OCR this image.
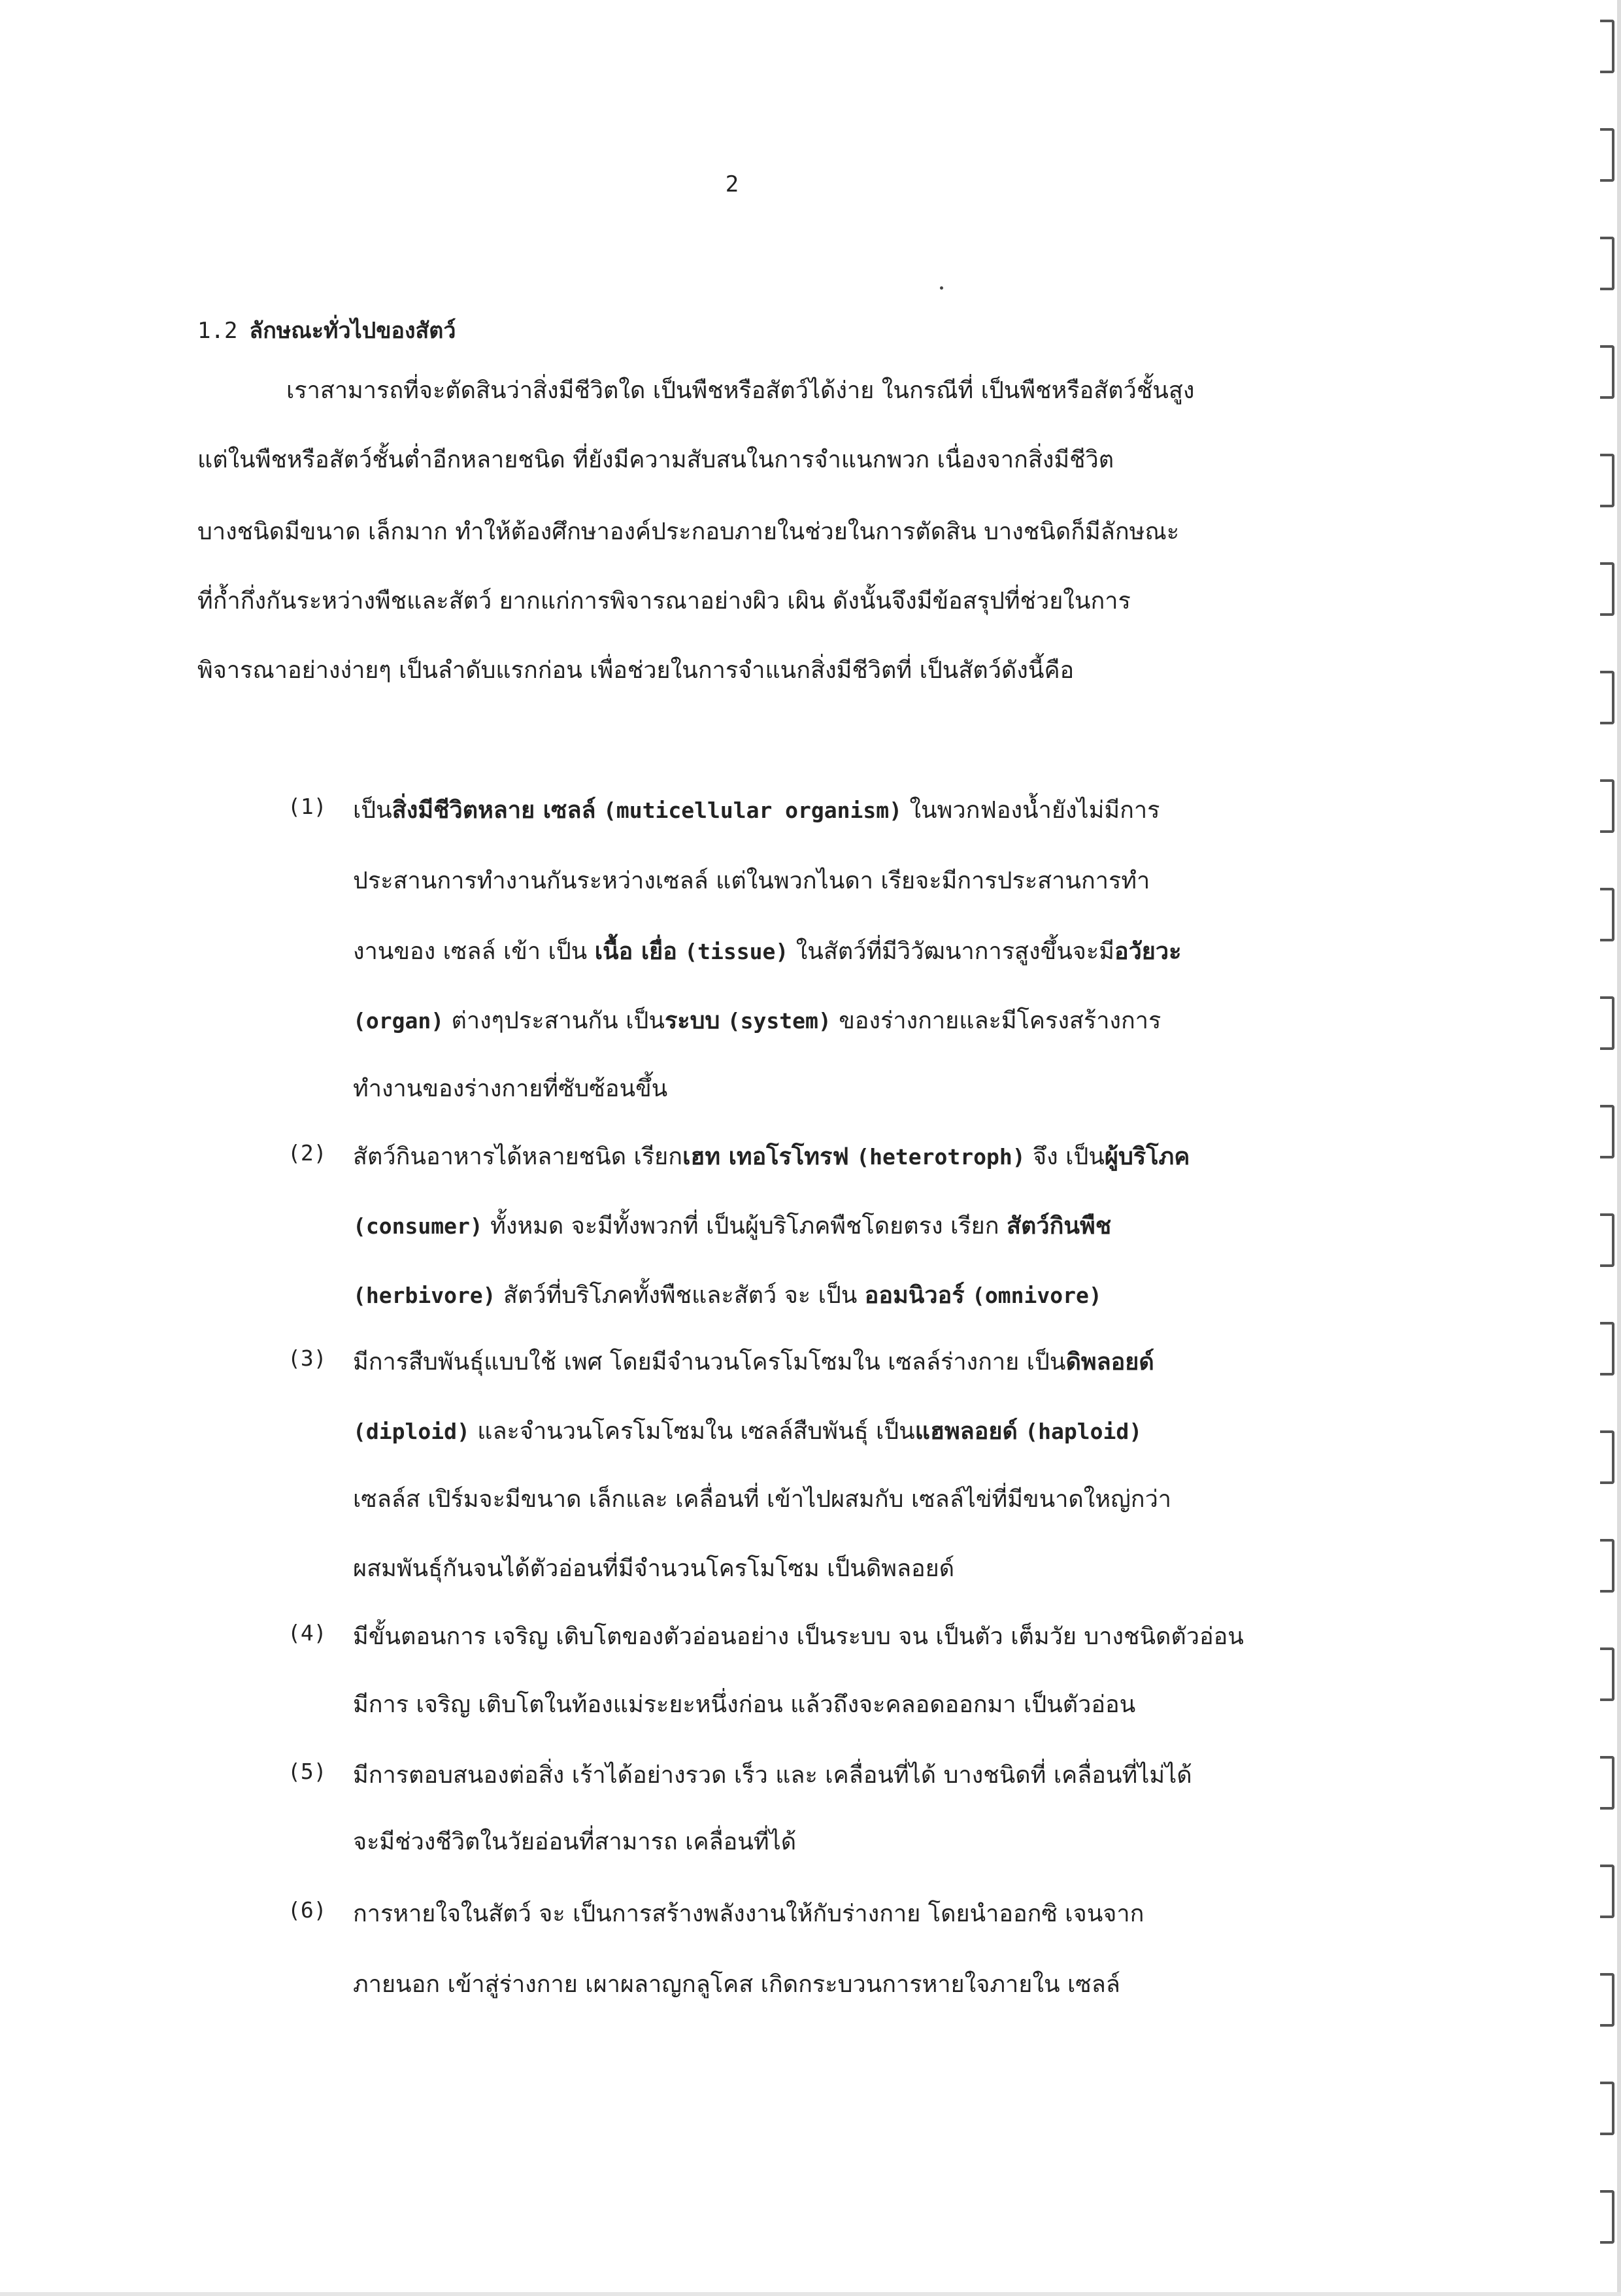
2
1.2 ลักษณะทั่วไปของสัตว์
เราสามารถที่จะตัดสินว่าสิ่งมีชีวิตใด เป็นพืชหรือสัตว์ได้ง่าย ในกรณีที่ เป็นพืชหรือสัตว์ชั้นสูง
แต่ในพืชหรือสัตว์ชั้นต่ำอีกหลายชนิด ที่ยังมีความสับสนในการจำแนกพวก เนื่องจากสิ่งมีชีวิต
บางชนิดมีขนาด เล็กมาก ทำให้ต้องศึกษาองค์ประกอบภายในช่วยในการตัดสิน บางชนิดก็มีลักษณะ
ที่ก้ำกึ่งกันระหว่างพืชและสัตว์ ยากแก่การพิจารณาอย่างผิว เผิน ดังนั้นจึงมีข้อสรุปที่ช่วยในการ
พิจารณาอย่างง่ายๆ เป็นลำดับแรกก่อน เพื่อช่วยในการจำแนกสิ่งมีชีวิตที่ เป็นสัตว์ดังนี้คือ
(1) เป็นสิ่งมีชีวิตหลาย เซลล์ (muticellular organism) ในพวกฟองน้ำยังไม่มีการ
ประสานการทำงานกันระหว่างเซลล์ แต่ในพวกไนดา เรียจะมีการประสานการทำ
งานของ เซลล์ เข้า เป็น เนื้อ เยื่อ (tissue) ในสัตว์ที่มีวิวัฒนาการสูงขึ้นจะมีอวัยวะ
(organ) ต่างๆประสานกัน เป็นระบบ (system) ของร่างกายและมีโครงสร้างการ
ทำงานของร่างกายที่ซับซ้อนขึ้น
(2) สัตว์กินอาหารได้หลายชนิด เรียกเฮท เทอโรโทรฟ (heterotroph) จึง เป็นผู้บริโภค
(consumer) ทั้งหมด จะมีทั้งพวกที่ เป็นผู้บริโภคพืชโดยตรง เรียก สัตว์กินพืช
(herbivore) สัตว์ที่บริโภคทั้งพืชและสัตว์ จะ เป็น ออมนิวอร์ (omnivore)
(3) มีการสืบพันธุ์แบบใช้ เพศ โดยมีจำนวนโครโมโซมใน เซลล์ร่างกาย เป็นดิพลอยด์
(diploid) และจำนวนโครโมโซมใน เซลล์สืบพันธุ์ เป็นแฮพลอยด์ (haploid)
เซลล์ส เปิร์มจะมีขนาด เล็กและ เคลื่อนที่ เข้าไปผสมกับ เซลล์ไข่ที่มีขนาดใหญ่กว่า
ผสมพันธุ์กันจนได้ตัวอ่อนที่มีจำนวนโครโมโซม เป็นดิพลอยด์
(4) มีขั้นตอนการ เจริญ เติบโตของตัวอ่อนอย่าง เป็นระบบ จน เป็นตัว เต็มวัย บางชนิดตัวอ่อน
มีการ เจริญ เติบโตในท้องแม่ระยะหนึ่งก่อน แล้วถึงจะคลอดออกมา เป็นตัวอ่อน
(5) มีการตอบสนองต่อสิ่ง เร้าได้อย่างรวด เร็ว และ เคลื่อนที่ได้ บางชนิดที่ เคลื่อนที่ไม่ได้
จะมีช่วงชีวิตในวัยอ่อนที่สามารถ เคลื่อนที่ได้
(6) การหายใจในสัตว์ จะ เป็นการสร้างพลังงานให้กับร่างกาย โดยนำออกซิ เจนจาก
ภายนอก เข้าสู่ร่างกาย เผาผลาญกลูโคส เกิดกระบวนการหายใจภายใน เซลล์
